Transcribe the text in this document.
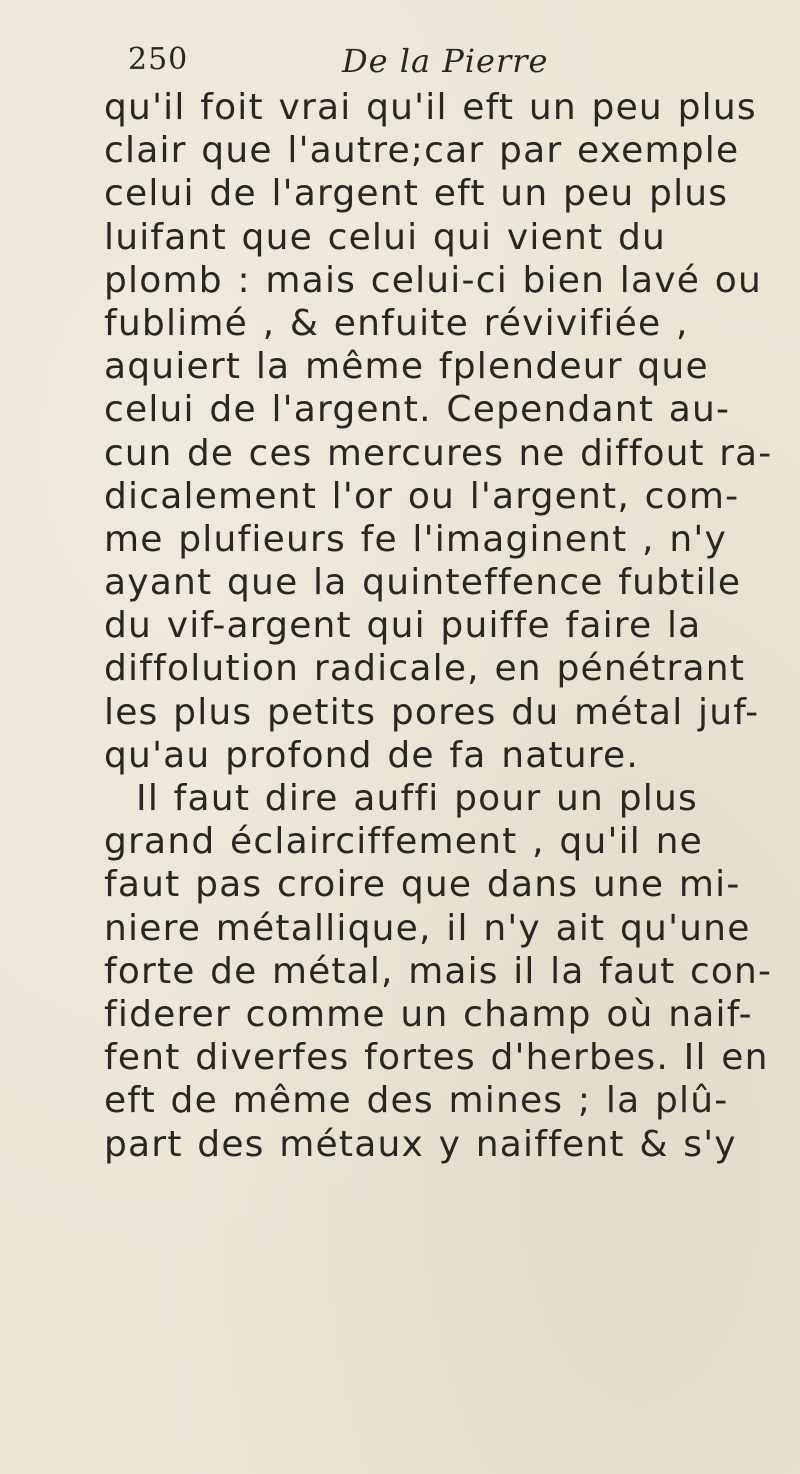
250	De la Pierre
qu'il foit vrai qu'il eft un peu plus
clair que l'autre;car par exemple
celui de l'argent eft un peu plus
luifant que celui qui vient du
plomb : mais celui-ci bien lavé ou
fublimé , & enfuite révivifiée ,
aquiert la même fplendeur que
celui de l'argent. Cependant au-
cun de ces mercures ne diffout ra-
dicalement l'or ou l'argent, com-
me plufieurs fe l'imaginent , n'y
ayant que la quinteffence fubtile
du vif-argent qui puiffe faire la
diffolution radicale, en pénétrant
les plus petits pores du métal juf-
qu'au profond de fa nature.
Il faut dire auffi pour un plus
grand éclairciffement , qu'il ne
faut pas croire que dans une mi-
niere métallique, il n'y ait qu'une
forte de métal, mais il la faut con-
fiderer comme un champ où naif-
fent diverfes fortes d'herbes. Il en
eft de même des mines ; la plû-
part des métaux y naiffent & s'y
